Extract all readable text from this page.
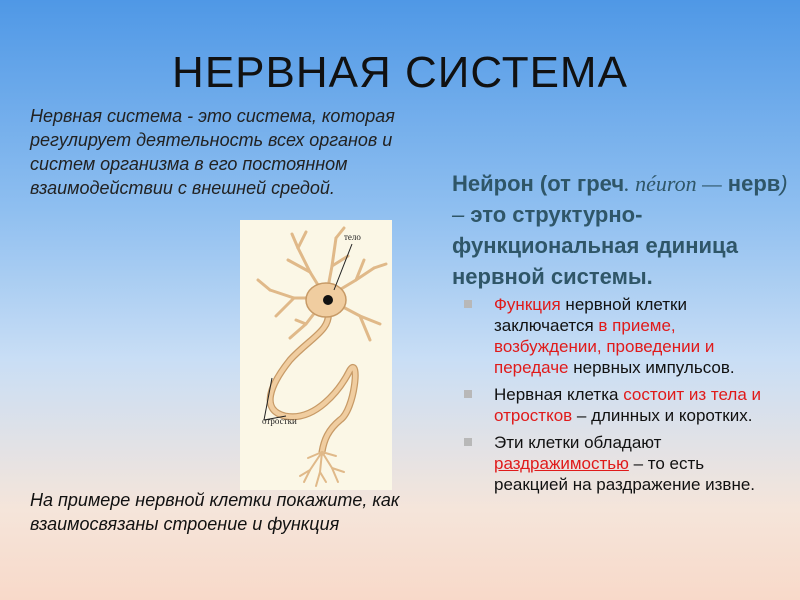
НЕРВНАЯ СИСТЕМА
Нервная система - это система, которая регулирует деятельность всех органов и систем организма в его постоянном взаимодействии с внешней средой.
тело
отростки
На примере нервной клетки покажите, как взаимосвязаны строение и функция
Нейрон (от греч. néuron — нерв) – это структурно-функциональная единица нервной системы.
Функция нервной клетки заключается в приеме, возбуждении, проведении и передаче нервных импульсов.
Нервная клетка состоит из тела и отростков – длинных и коротких.
Эти клетки обладают раздражимостью – то есть реакцией на раздражение извне.
